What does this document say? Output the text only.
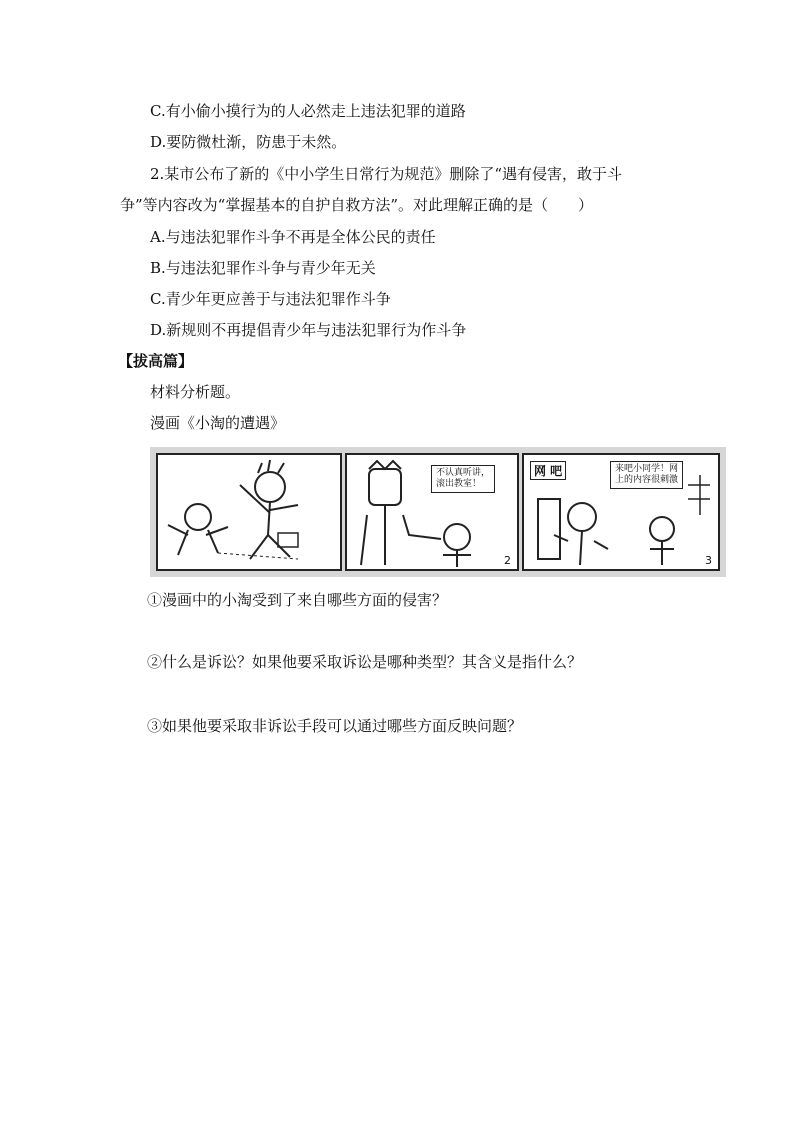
C.有小偷小摸行为的人必然走上违法犯罪的道路
D.要防微杜渐，防患于未然。
2.某市公布了新的《中小学生日常行为规范》删除了“遇有侵害，敢于斗
争”等内容改为“掌握基本的自护自救方法”。对此理解正确的是（　　）
A.与违法犯罪作斗争不再是全体公民的责任
B.与违法犯罪作斗争与青少年无关
C.青少年更应善于与违法犯罪作斗争
D.新规则不再提倡青少年与违法犯罪行为作斗争
【拔高篇】
材料分析题。
漫画《小淘的遭遇》
不认真听讲，
滚出教室！
2
网 吧	来吧小同学！网
上的内容很刺激
3
①漫画中的小淘受到了来自哪些方面的侵害？
②什么是诉讼？如果他要采取诉讼是哪种类型？其含义是指什么？
③如果他要采取非诉讼手段可以通过哪些方面反映问题？
